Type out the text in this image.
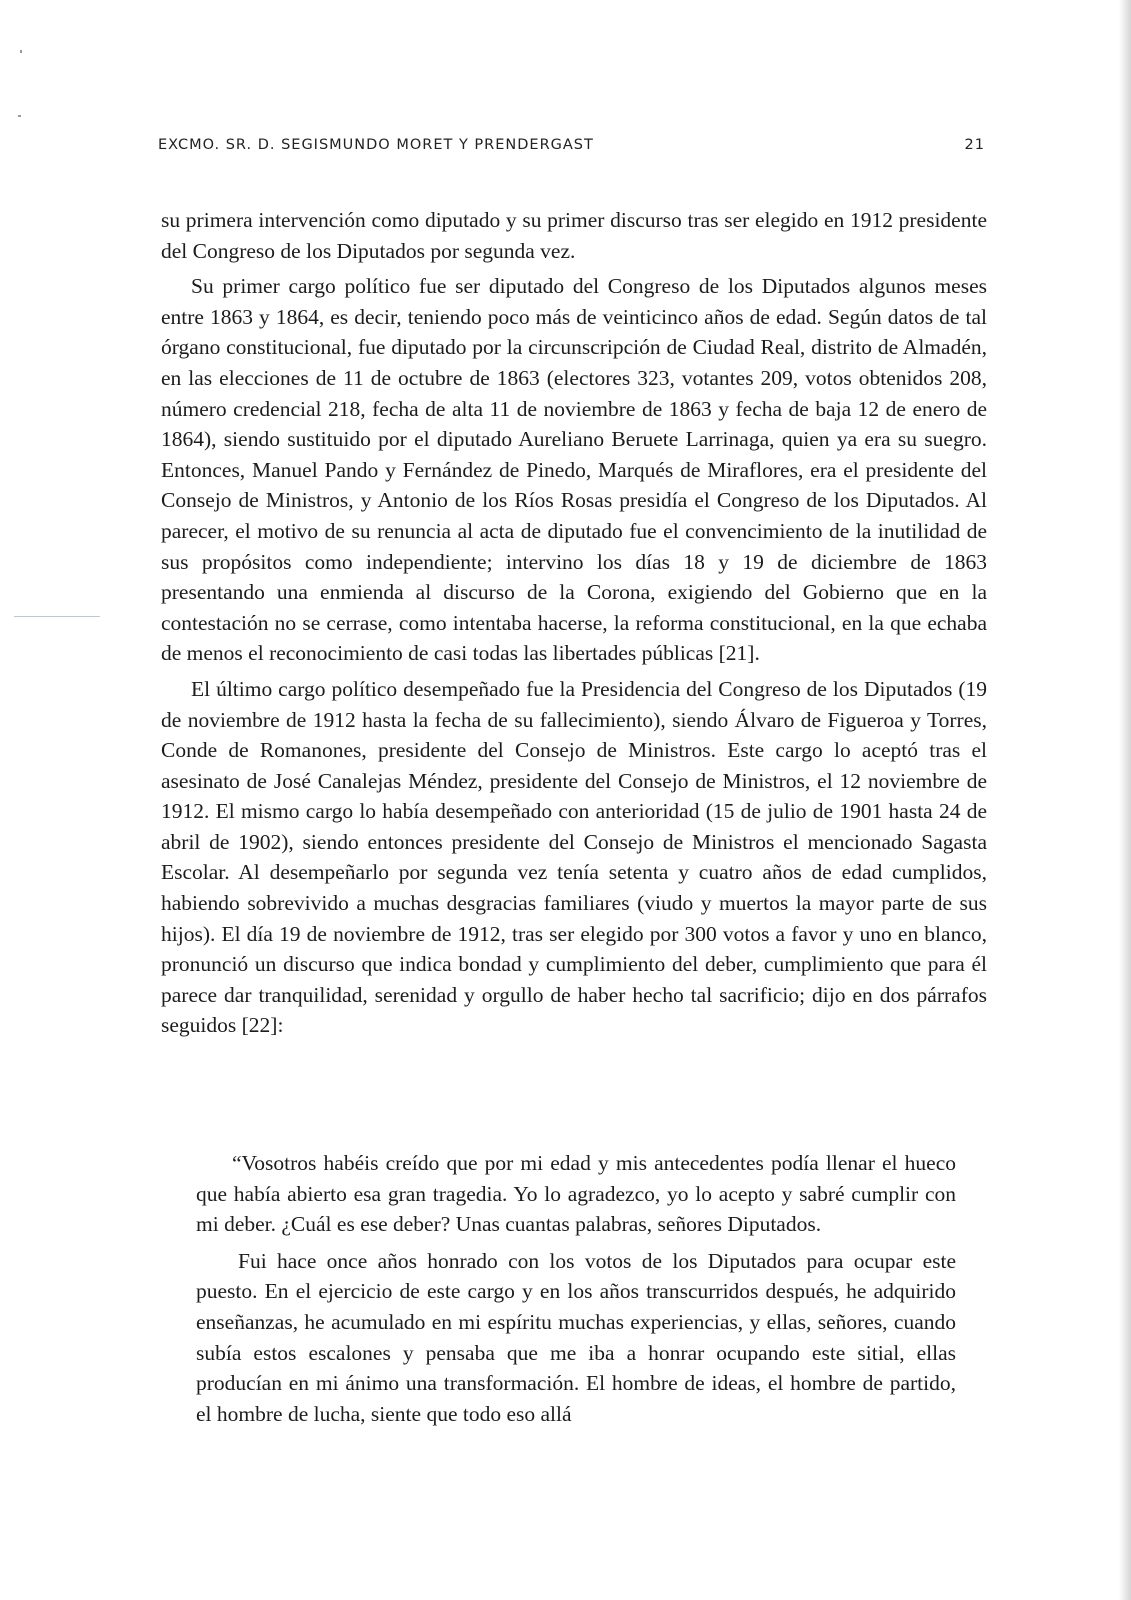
EXCMO. SR. D. SEGISMUNDO MORET Y PRENDERGAST	21

su primera intervención como diputado y su primer discurso tras ser elegido en 1912 presidente del Congreso de los Diputados por segunda vez.

Su primer cargo político fue ser diputado del Congreso de los Diputados algunos meses entre 1863 y 1864, es decir, teniendo poco más de veinticinco años de edad. Según datos de tal órgano constitucional, fue diputado por la circunscripción de Ciudad Real, distrito de Almadén, en las elecciones de 11 de octubre de 1863 (electores 323, votantes 209, votos obtenidos 208, número credencial 218, fecha de alta 11 de noviembre de 1863 y fecha de baja 12 de enero de 1864), siendo sustituido por el diputado Aureliano Beruete Larrinaga, quien ya era su suegro. Entonces, Manuel Pando y Fernández de Pinedo, Marqués de Miraflores, era el presidente del Consejo de Ministros, y Antonio de los Ríos Rosas presidía el Congreso de los Diputados. Al parecer, el motivo de su renuncia al acta de diputado fue el convencimiento de la inutilidad de sus propósitos como independiente; intervino los días 18 y 19 de diciembre de 1863 presentando una enmienda al discurso de la Corona, exigiendo del Gobierno que en la contestación no se cerrase, como intentaba hacerse, la reforma constitucional, en la que echaba de menos el reconocimiento de casi todas las libertades públicas [21].

El último cargo político desempeñado fue la Presidencia del Congreso de los Diputados (19 de noviembre de 1912 hasta la fecha de su fallecimiento), siendo Álvaro de Figueroa y Torres, Conde de Romanones, presidente del Consejo de Ministros. Este cargo lo aceptó tras el asesinato de José Canalejas Méndez, presidente del Consejo de Ministros, el 12 noviembre de 1912. El mismo cargo lo había desempeñado con anterioridad (15 de julio de 1901 hasta 24 de abril de 1902), siendo entonces presidente del Consejo de Ministros el mencionado Sagasta Escolar. Al desempeñarlo por segunda vez tenía setenta y cuatro años de edad cumplidos, habiendo sobrevivido a muchas desgracias familiares (viudo y muertos la mayor parte de sus hijos). El día 19 de noviembre de 1912, tras ser elegido por 300 votos a favor y uno en blanco, pronunció un discurso que indica bondad y cumplimiento del deber, cumplimiento que para él parece dar tranquilidad, serenidad y orgullo de haber hecho tal sacrificio; dijo en dos párrafos seguidos [22]:

“Vosotros habéis creído que por mi edad y mis antecedentes podía llenar el hueco que había abierto esa gran tragedia. Yo lo agradezco, yo lo acepto y sabré cumplir con mi deber. ¿Cuál es ese deber? Unas cuantas palabras, señores Diputados.

Fui hace once años honrado con los votos de los Diputados para ocupar este puesto. En el ejercicio de este cargo y en los años transcurridos después, he adquirido enseñanzas, he acumulado en mi espíritu muchas experiencias, y ellas, señores, cuando subía estos escalones y pensaba que me iba a honrar ocupando este sitial, ellas producían en mi ánimo una transformación. El hombre de ideas, el hombre de partido, el hombre de lucha, siente que todo eso allá
